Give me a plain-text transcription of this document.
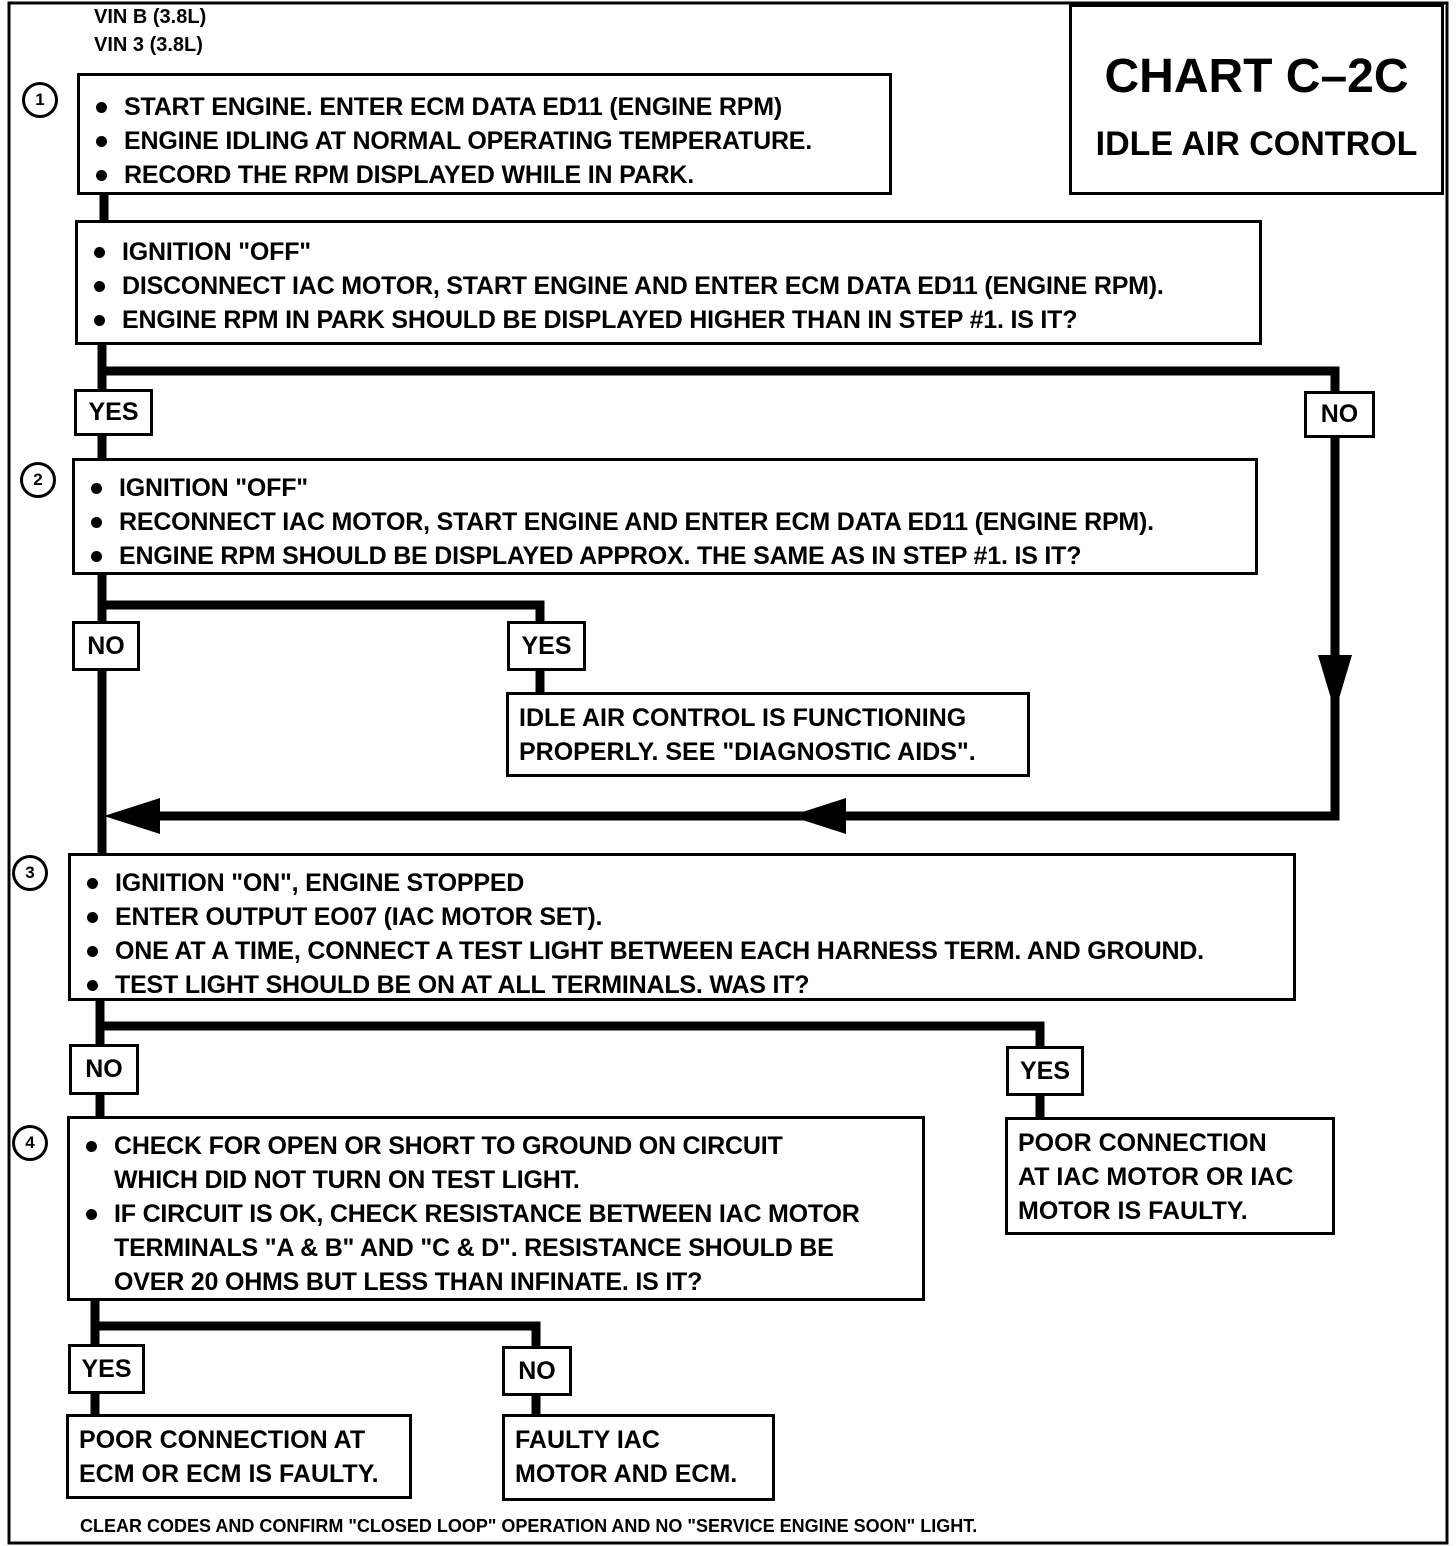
VIN B (3.8L)
VIN 3 (3.8L)
CHART C–2C
IDLE AIR CONTROL
1
2
3
4
START ENGINE. ENTER ECM DATA ED11 (ENGINE RPM)
ENGINE IDLING AT NORMAL OPERATING TEMPERATURE.
RECORD THE RPM DISPLAYED WHILE IN PARK.
IGNITION "OFF"
DISCONNECT IAC MOTOR, START ENGINE AND ENTER ECM DATA ED11 (ENGINE RPM).
ENGINE RPM IN PARK SHOULD BE DISPLAYED HIGHER THAN IN STEP #1. IS IT?
YES	NO
IGNITION "OFF"
RECONNECT IAC MOTOR, START ENGINE AND ENTER ECM DATA ED11 (ENGINE RPM).
ENGINE RPM SHOULD BE DISPLAYED APPROX. THE SAME AS IN STEP #1. IS IT?
NO	YES
IDLE AIR CONTROL IS FUNCTIONING
PROPERLY. SEE "DIAGNOSTIC AIDS".
IGNITION "ON", ENGINE STOPPED
ENTER OUTPUT EO07 (IAC MOTOR SET).
ONE AT A TIME, CONNECT A TEST LIGHT BETWEEN EACH HARNESS TERM. AND GROUND.
TEST LIGHT SHOULD BE ON AT ALL TERMINALS. WAS IT?
NO	YES
POOR CONNECTION
AT IAC MOTOR OR IAC
MOTOR IS FAULTY.
CHECK FOR OPEN OR SHORT TO GROUND ON CIRCUIT
WHICH DID NOT TURN ON TEST LIGHT.
IF CIRCUIT IS OK, CHECK RESISTANCE BETWEEN IAC MOTOR
TERMINALS "A & B" AND "C & D". RESISTANCE SHOULD BE
OVER 20 OHMS BUT LESS THAN INFINATE. IS IT?
YES	NO
POOR CONNECTION AT
ECM OR ECM IS FAULTY.
FAULTY IAC
MOTOR AND ECM.
CLEAR CODES AND CONFIRM "CLOSED LOOP" OPERATION AND NO "SERVICE ENGINE SOON" LIGHT.
